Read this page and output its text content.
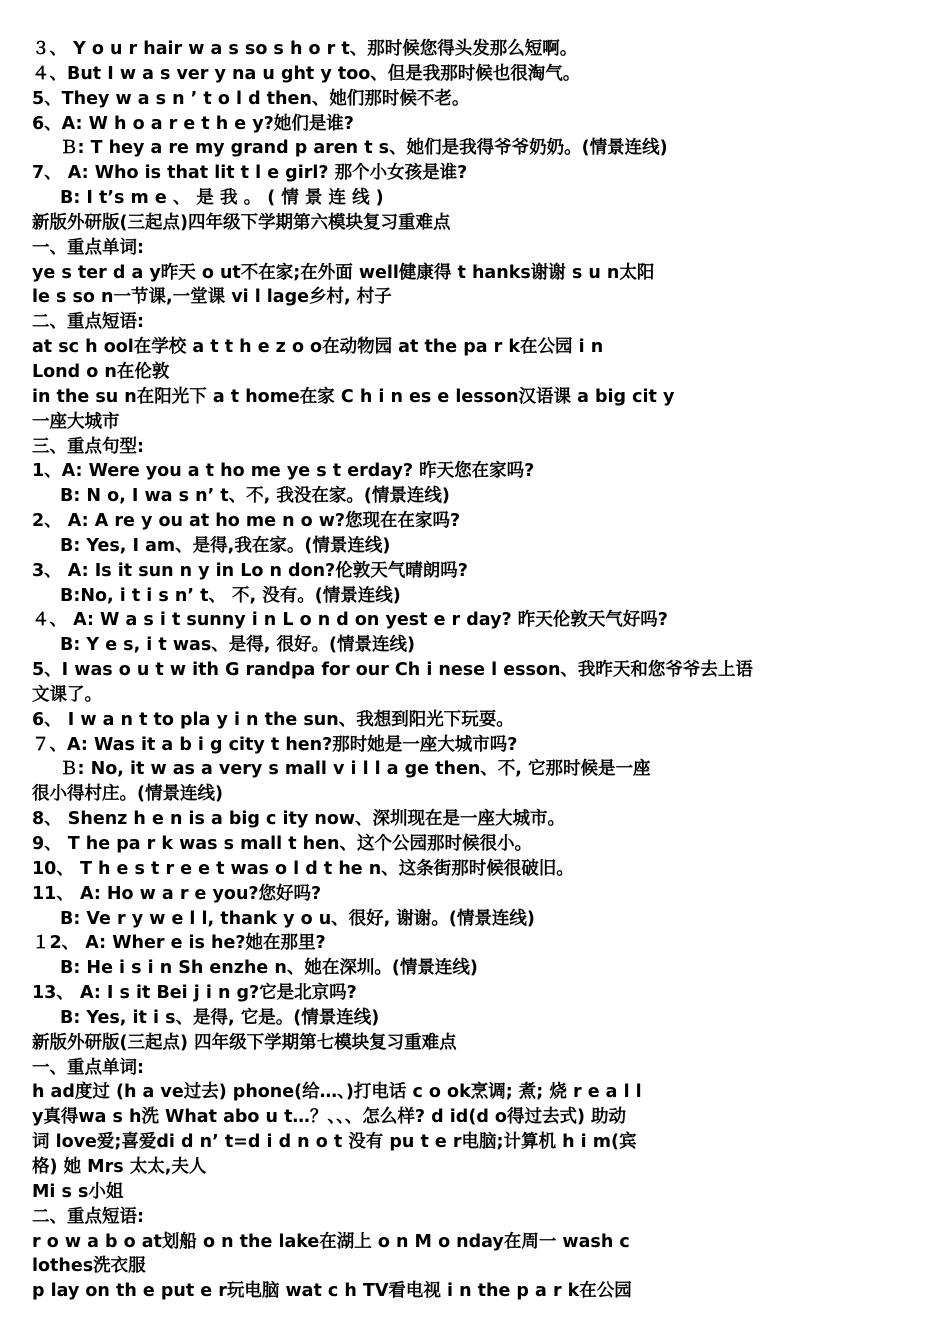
３、 Y o u r hair w a s so s h o r t、那时候您得头发那么短啊。
４、But I w a s ver y na u ght y too、但是我那时候也很淘气。
5、They w a s n ’ t o l d then、她们那时候不老。
6、A: W h o a r e t h e y?她们是谁?
Ｂ: T hey a re my grand p aren t s、她们是我得爷爷奶奶。(情景连线)
7、 A: Who is that lit t l e girl? 那个小女孩是谁?
B: I t’s m e 、 是 我 。 ( 情 景 连 线 )
新版外研版(三起点)四年级下学期第六模块复习重难点
一、重点单词:
ye s ter d a y昨天 o ut不在家;在外面 well健康得 t hanks谢谢 s u n太阳
le s so n一节课,一堂课 vi l lage乡村, 村子
二、重点短语:
at sc h ool在学校 a t t h e z o o在动物园 at the pa r k在公园 i n
Lond o n在伦敦
in the su n在阳光下 a t home在家 C h i n es e lesson汉语课 a big cit y
一座大城市
三、重点句型:
1、A: Were you a t ho me ye s t erday? 昨天您在家吗?
B: N o, I wa s n’ t、不, 我没在家。(情景连线)
2、 A: A re y ou at ho me n o w?您现在在家吗?
B: Yes, I am、是得,我在家。(情景连线)
3、 A: Is it sun n y in Lo n don?伦敦天气晴朗吗?
B:No, i t i s n’ t、 不, 没有。(情景连线)
４、 A: W a s i t sunny i n L o n d on yest e r day? 昨天伦敦天气好吗?
B: Y e s, i t was、是得, 很好。(情景连线)
5、I was o u t w ith G randpa for our Ch i nese l esson、我昨天和您爷爷去上语
文课了。
6、 I w a n t to pla y i n the sun、我想到阳光下玩耍。
７、A: Was it a b i g city t hen?那时她是一座大城市吗?
Ｂ: No, it w as a very s mall v i l l a ge then、不, 它那时候是一座
很小得村庄。(情景连线)
8、 Shenz h e n is a big c ity now、深圳现在是一座大城市。
9、 T he pa r k was s mall t hen、这个公园那时候很小。
10、 T h e s t r e e t was o l d t he n、这条街那时候很破旧。
11、 A: Ho w a r e you?您好吗?
B: Ve r y w e l l, thank y o u、很好, 谢谢。(情景连线)
１2、 A: Wher e is he?她在那里?
B: He i s i n Sh enzhe n、她在深圳。(情景连线)
13、 A: I s it Bei j i n g?它是北京吗?
B: Yes, it i s、是得, 它是。(情景连线)
新版外研版(三起点) 四年级下学期第七模块复习重难点
一、重点单词:
h ad度过 (h a ve过去) phone(给…、)打电话 c o ok烹调; 煮; 烧 r e a l l
y真得wa s h洗 What abo u t…？、、、怎么样? d id(d o得过去式) 助动
词 love爱;喜爱di d n’ t=d i d n o t 没有 pu t e r电脑;计算机 h i m(宾
格) 她 Mrs 太太,夫人
Mi s s小姐
二、重点短语:
r o w a b o at划船 o n the lake在湖上 o n M o nday在周一 wash c
lothes洗衣服
p lay on th e put e r玩电脑 wat c h TV看电视 i n the p a r k在公园
